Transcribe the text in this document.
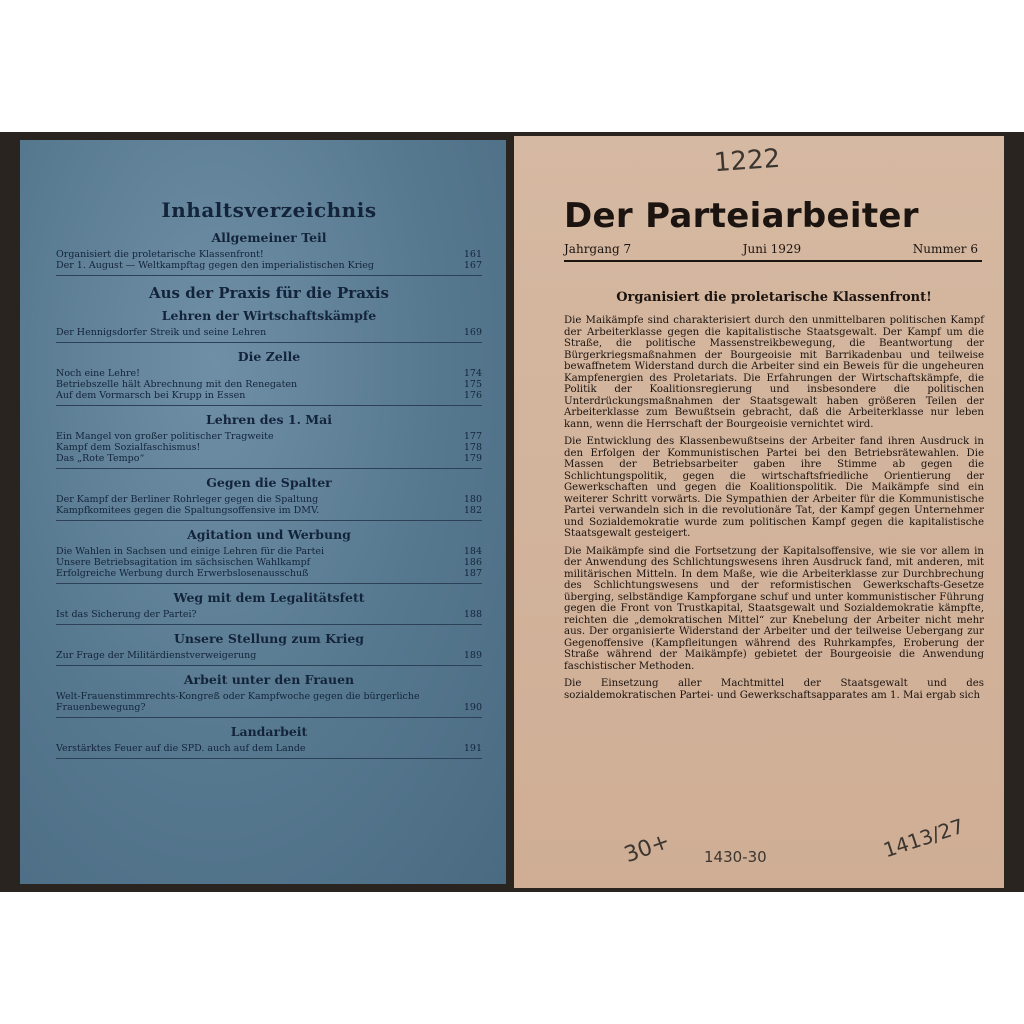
Inhaltsverzeichnis
Allgemeiner Teil
Organisiert die proletarische Klassenfront!	161
Der 1. August — Weltkampftag gegen den imperialistischen Krieg	167
Aus der Praxis für die Praxis
Lehren der Wirtschaftskämpfe
Der Hennigsdorfer Streik und seine Lehren	169
Die Zelle
Noch eine Lehre!	174
Betriebszelle hält Abrechnung mit den Renegaten	175
Auf dem Vormarsch bei Krupp in Essen	176
Lehren des 1. Mai
Ein Mangel von großer politischer Tragweite	177
Kampf dem Sozialfaschismus!	178
Das „Rote Tempo“	179
Gegen die Spalter
Der Kampf der Berliner Rohrleger gegen die Spaltung	180
Kampfkomitees gegen die Spaltungsoffensive im DMV.	182
Agitation und Werbung
Die Wahlen in Sachsen und einige Lehren für die Partei	184
Unsere Betriebsagitation im sächsischen Wahlkampf	186
Erfolgreiche Werbung durch Erwerbslosenausschuß	187
Weg mit dem Legalitätsfett
Ist das Sicherung der Partei?	188
Unsere Stellung zum Krieg
Zur Frage der Militärdienstverweigerung	189
Arbeit unter den Frauen
Welt-Frauenstimmrechts-Kongreß oder Kampfwoche gegen die bürgerliche Frauenbewegung?	190
Landarbeit
Verstärktes Feuer auf die SPD. auch auf dem Lande	191
1222
Der Parteiarbeiter
Jahrgang 7	Juni 1929	Nummer 6
Organisiert die proletarische Klassenfront!

Die Maikämpfe sind charakterisiert durch den unmittelbaren politischen Kampf der Arbeiterklasse gegen die kapitalistische Staatsgewalt. Der Kampf um die Straße, die politische Massenstreikbewegung, die Beantwortung der Bürgerkriegsmaßnahmen der Bourgeoisie mit Barrikadenbau und teilweise bewaffnetem Widerstand durch die Arbeiter sind ein Beweis für die ungeheuren Kampfenergien des Proletariats. Die Erfahrungen der Wirtschaftskämpfe, die Politik der Koalitionsregierung und insbesondere die politischen Unterdrückungsmaßnahmen der Staatsgewalt haben größeren Teilen der Arbeiterklasse zum Bewußtsein gebracht, daß die Arbeiterklasse nur leben kann, wenn die Herrschaft der Bourgeoisie vernichtet wird.

Die Entwicklung des Klassenbewußtseins der Arbeiter fand ihren Ausdruck in den Erfolgen der Kommunistischen Partei bei den Betriebsrätewahlen. Die Massen der Betriebsarbeiter gaben ihre Stimme ab gegen die Schlichtungspolitik, gegen die wirtschaftsfriedliche Orientierung der Gewerkschaften und gegen die Koalitionspolitik. Die Maikämpfe sind ein weiterer Schritt vorwärts. Die Sympathien der Arbeiter für die Kommunistische Partei verwandeln sich in die revolutionäre Tat, der Kampf gegen Unternehmer und Sozialdemokratie wurde zum politischen Kampf gegen die kapitalistische Staatsgewalt gesteigert.

Die Maikämpfe sind die Fortsetzung der Kapitalsoffensive, wie sie vor allem in der Anwendung des Schlichtungswesens ihren Ausdruck fand, mit anderen, mit militärischen Mitteln. In dem Maße, wie die Arbeiterklasse zur Durchbrechung des Schlichtungswesens und der reformistischen Gewerkschafts-Gesetze überging, selbständige Kampforgane schuf und unter kommunistischer Führung gegen die Front von Trustkapital, Staatsgewalt und Sozialdemokratie kämpfte, reichten die „demokratischen Mittel“ zur Knebelung der Arbeiter nicht mehr aus. Der organisierte Widerstand der Arbeiter und der teilweise Uebergang zur Gegenoffensive (Kampfleitungen während des Ruhrkampfes, Eroberung der Straße während der Maikämpfe) gebietet der Bourgeoisie die Anwendung faschistischer Methoden.

Die Einsetzung aller Machtmittel der Staatsgewalt und des sozialdemokratischen Partei- und Gewerkschaftsapparates am 1. Mai ergab sich

30+ 1430-30	1413/27
